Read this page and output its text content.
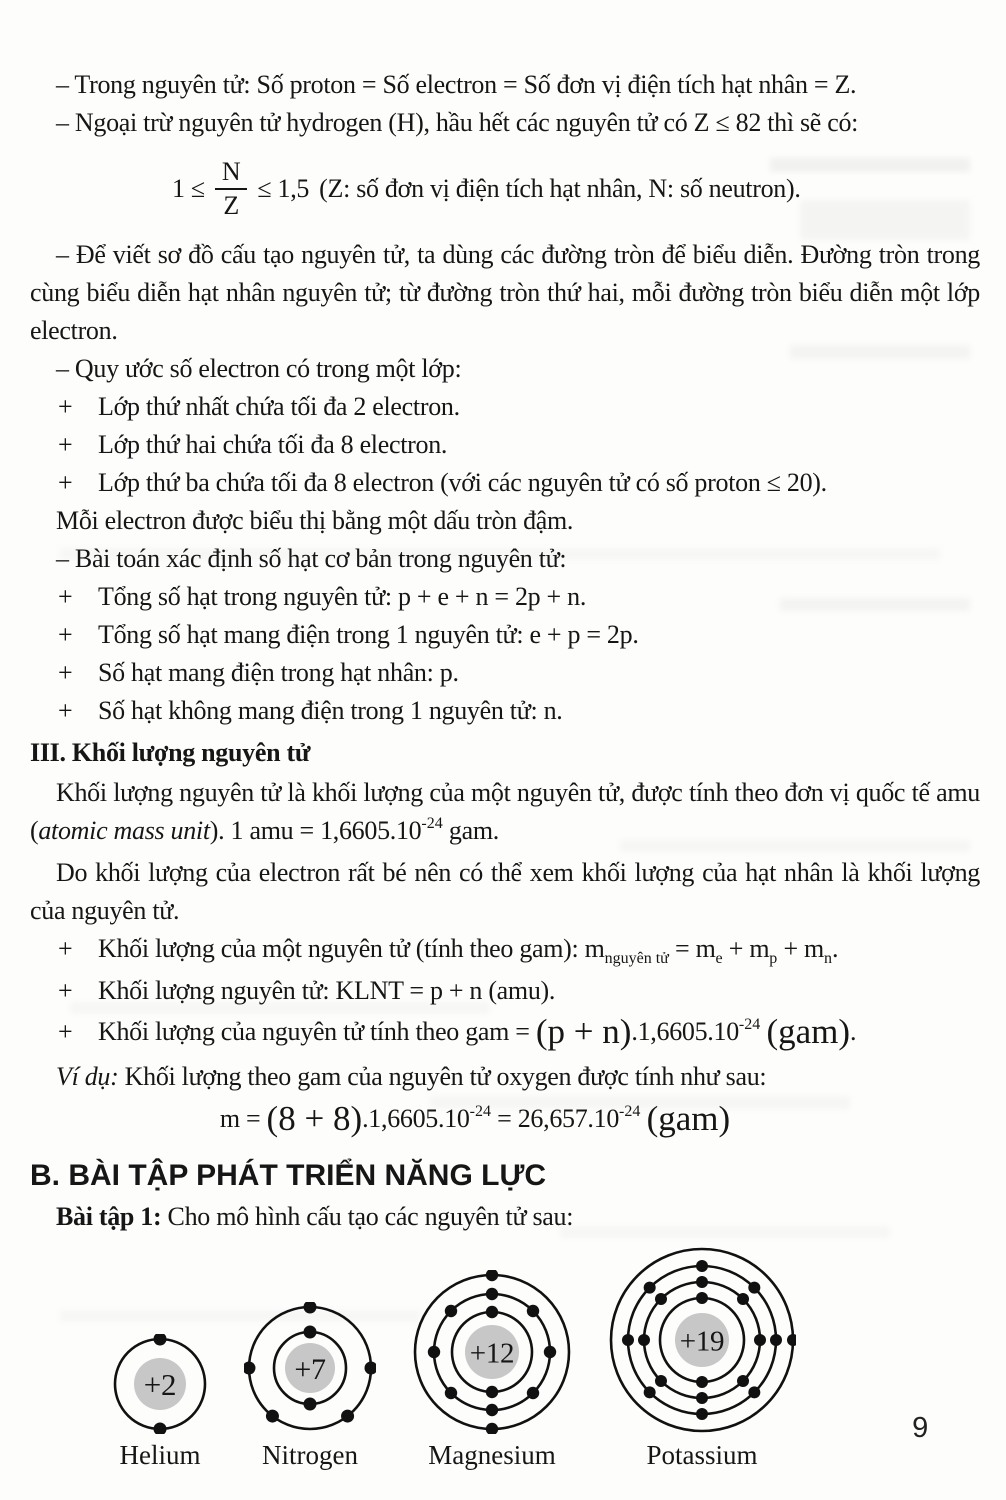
– Trong nguyên tử: Số proton = Số electron = Số đơn vị điện tích hạt nhân = Z.

– Ngoại trừ nguyên tử hydrogen (H), hầu hết các nguyên tử có Z ≤ 82 thì sẽ có:

$1 \le \frac{N}{Z} \le 1,5$ (Z: số đơn vị điện tích hạt nhân, N: số neutron).

– Để viết sơ đồ cấu tạo nguyên tử, ta dùng các đường tròn để biểu diễn. Đường tròn trong cùng biểu diễn hạt nhân nguyên tử; từ đường tròn thứ hai, mỗi đường tròn biểu diễn một lớp electron.

– Quy ước số electron có trong một lớp:

+ Lớp thứ nhất chứa tối đa 2 electron.

+ Lớp thứ hai chứa tối đa 8 electron.

+ Lớp thứ ba chứa tối đa 8 electron (với các nguyên tử có số proton ≤ 20).

Mỗi electron được biểu thị bằng một dấu tròn đậm.

– Bài toán xác định số hạt cơ bản trong nguyên tử:

+ Tổng số hạt trong nguyên tử: p + e + n = 2p + n.

+ Tổng số hạt mang điện trong 1 nguyên tử: e + p = 2p.

+ Số hạt mang điện trong hạt nhân: p.

+ Số hạt không mang điện trong 1 nguyên tử: n.

III. Khối lượng nguyên tử

Khối lượng nguyên tử là khối lượng của một nguyên tử, được tính theo đơn vị quốc tế amu (atomic mass unit). 1 amu = $1,6605.10^{-24}$ gam.

Do khối lượng của electron rất bé nên có thể xem khối lượng của hạt nhân là khối lượng của nguyên tử.

+ Khối lượng của một nguyên tử (tính theo gam): $m_{nguyên tử} = m_e + m_p + m_n$.

+ Khối lượng nguyên tử: KLNT = p + n (amu).

+ Khối lượng của nguyên tử tính theo gam = $(p + n).1,6605.10^{-24}$ (gam).

Ví dụ: Khối lượng theo gam của nguyên tử oxygen được tính như sau:

$m = (8 + 8).1,6605.10^{-24} = 26,657.10^{-24}$ (gam)

B. BÀI TẬP PHÁT TRIỂN NĂNG LỰC

Bài tập 1: Cho mô hình cấu tạo các nguyên tử sau:

+2
Helium
+7
Nitrogen
+12
Magnesium
+19
Potassium
9
